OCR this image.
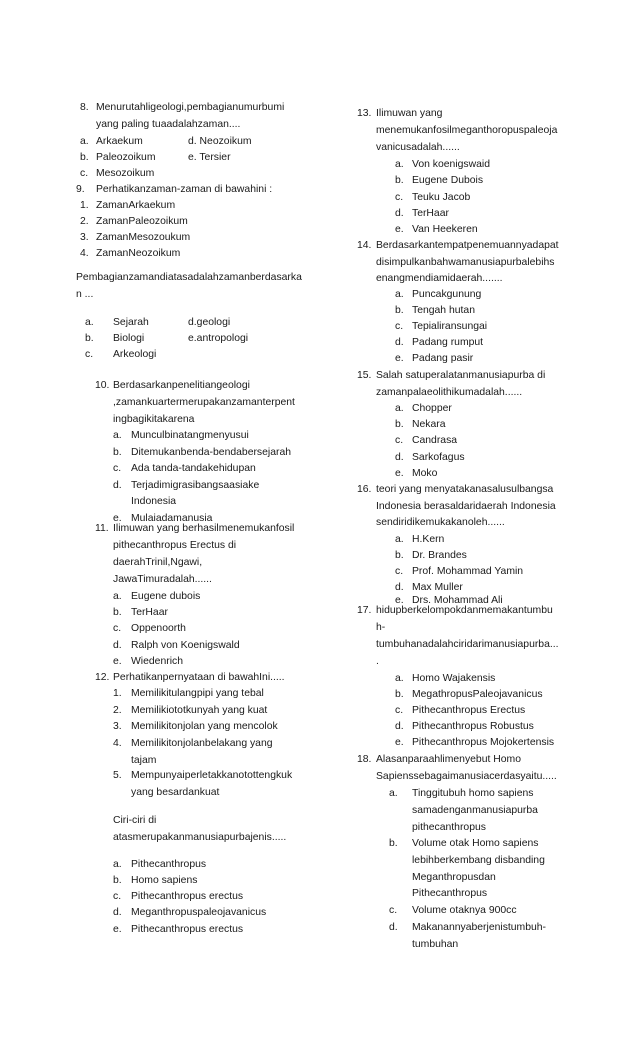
8. Menurutahligeologi,pembagianumurbumi
yang paling tuaadalahzaman....
a. Arkaekum	d. Neozoikum
b. Paleozoikum	e. Tersier
c. Mesozoikum
9. Perhatikanzaman-zaman di bawahini :
1. ZamanArkaekum
2. ZamanPaleozoikum
3. ZamanMesozoukum
4. ZamanNeozoikum
Pembagianzamandiatasadalahzamanberdasarka
n ...
a. Sejarah	d.geologi
b. Biologi	e.antropologi
c. Arkeologi
10. Berdasarkanpenelitiangeologi
,zamankuartermerupakanzamanterpent
ingbagikitakarena
a. Munculbinatangmenyusui
b. Ditemukanbenda-bendabersejarah
c. Ada tanda-tandakehidupan
d. Terjadimigrasibangsaasiake
Indonesia
e. Mulaiadamanusia
11. Ilimuwan yang berhasilmenemukanfosil
pithecanthropus Erectus di
daerahTrinil,Ngawi,
JawaTimuradalah......
a. Eugene dubois
b. TerHaar
c. Oppenoorth
d. Ralph von Koenigswald
e. Wiedenrich
12. Perhatikanpernyataan di bawahIni.....
1. Memilikitulangpipi yang tebal
2. Memilikiototkunyah yang kuat
3. Memilikitonjolan yang mencolok
4. Memilikitonjolanbelakang yang
tajam
5. Mempunyaiperletakkanotottengkuk
yang besardankuat
Ciri-ciri di
atasmerupakanmanusiapurbajenis.....
a. Pithecanthropus
b. Homo sapiens
c. Pithecanthropus erectus
d. Meganthropuspaleojavanicus
e. Pithecanthropus erectus
13. Ilimuwan yang
menemukanfosilmeganthoropuspaleoja
vanicusadalah......
a. Von koenigswaid
b. Eugene Dubois
c. Teuku Jacob
d. TerHaar
e. Van Heekeren
14. Berdasarkantempatpenemuannyadapat
disimpulkanbahwamanusiapurbalebihs
enangmendiamidaerah.......
a. Puncakgunung
b. Tengah hutan
c. Tepialiransungai
d. Padang rumput
e. Padang pasir
15. Salah satuperalatanmanusiapurba di
zamanpalaeolithikumadalah......
a. Chopper
b. Nekara
c. Candrasa
d. Sarkofagus
e. Moko
16. teori yang menyatakanasalusulbangsa
Indonesia berasaldaridaerah Indonesia
sendiridikemukakanoleh......
a. H.Kern
b. Dr. Brandes
c. Prof. Mohammad Yamin
d. Max Muller
e. Drs. Mohammad Ali
17. hidupberkelompokdanmemakantumbu
h-
tumbuhanadalahciridarimanusiapurba...
.
a. Homo Wajakensis
b. MegathropusPaleojavanicus
c. Pithecanthropus Erectus
d. Pithecanthropus Robustus
e. Pithecanthropus Mojokertensis
18. Alasanparaahlimenyebut Homo
Sapienssebagaimanusiacerdasyaitu.....
a. Tinggitubuh homo sapiens
samadenganmanusiapurba
pithecanthropus
b. Volume otak Homo sapiens
lebihberkembang disbanding
Meganthropusdan
Pithecanthropus
c. Volume otaknya 900cc
d. Makanannyaberjenistumbuh-
tumbuhan
